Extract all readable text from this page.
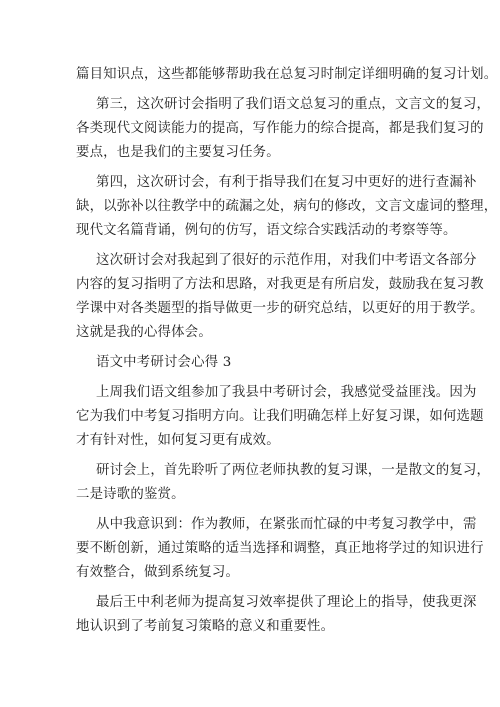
篇目知识点，这些都能够帮助我在总复习时制定详细明确的复习计划。
第三，这次研讨会指明了我们语文总复习的重点，文言文的复习，
各类现代文阅读能力的提高，写作能力的综合提高，都是我们复习的
要点，也是我们的主要复习任务。
第四，这次研讨会，有利于指导我们在复习中更好的进行查漏补
缺，以弥补以往教学中的疏漏之处，病句的修改，文言文虚词的整理，
现代文名篇背诵，例句的仿写，语文综合实践活动的考察等等。
这次研讨会对我起到了很好的示范作用，对我们中考语文各部分
内容的复习指明了方法和思路，对我更是有所启发，鼓励我在复习教
学课中对各类题型的指导做更一步的研究总结，以更好的用于教学。
这就是我的心得体会。
语文中考研讨会心得 3
上周我们语文组参加了我县中考研讨会，我感觉受益匪浅。因为
它为我们中考复习指明方向。让我们明确怎样上好复习课，如何选题
才有针对性，如何复习更有成效。
研讨会上，首先聆听了两位老师执教的复习课，一是散文的复习，
二是诗歌的鉴赏。
从中我意识到：作为教师，在紧张而忙碌的中考复习教学中，需
要不断创新，通过策略的适当选择和调整，真正地将学过的知识进行
有效整合，做到系统复习。
最后王中利老师为提高复习效率提供了理论上的指导，使我更深
地认识到了考前复习策略的意义和重要性。
